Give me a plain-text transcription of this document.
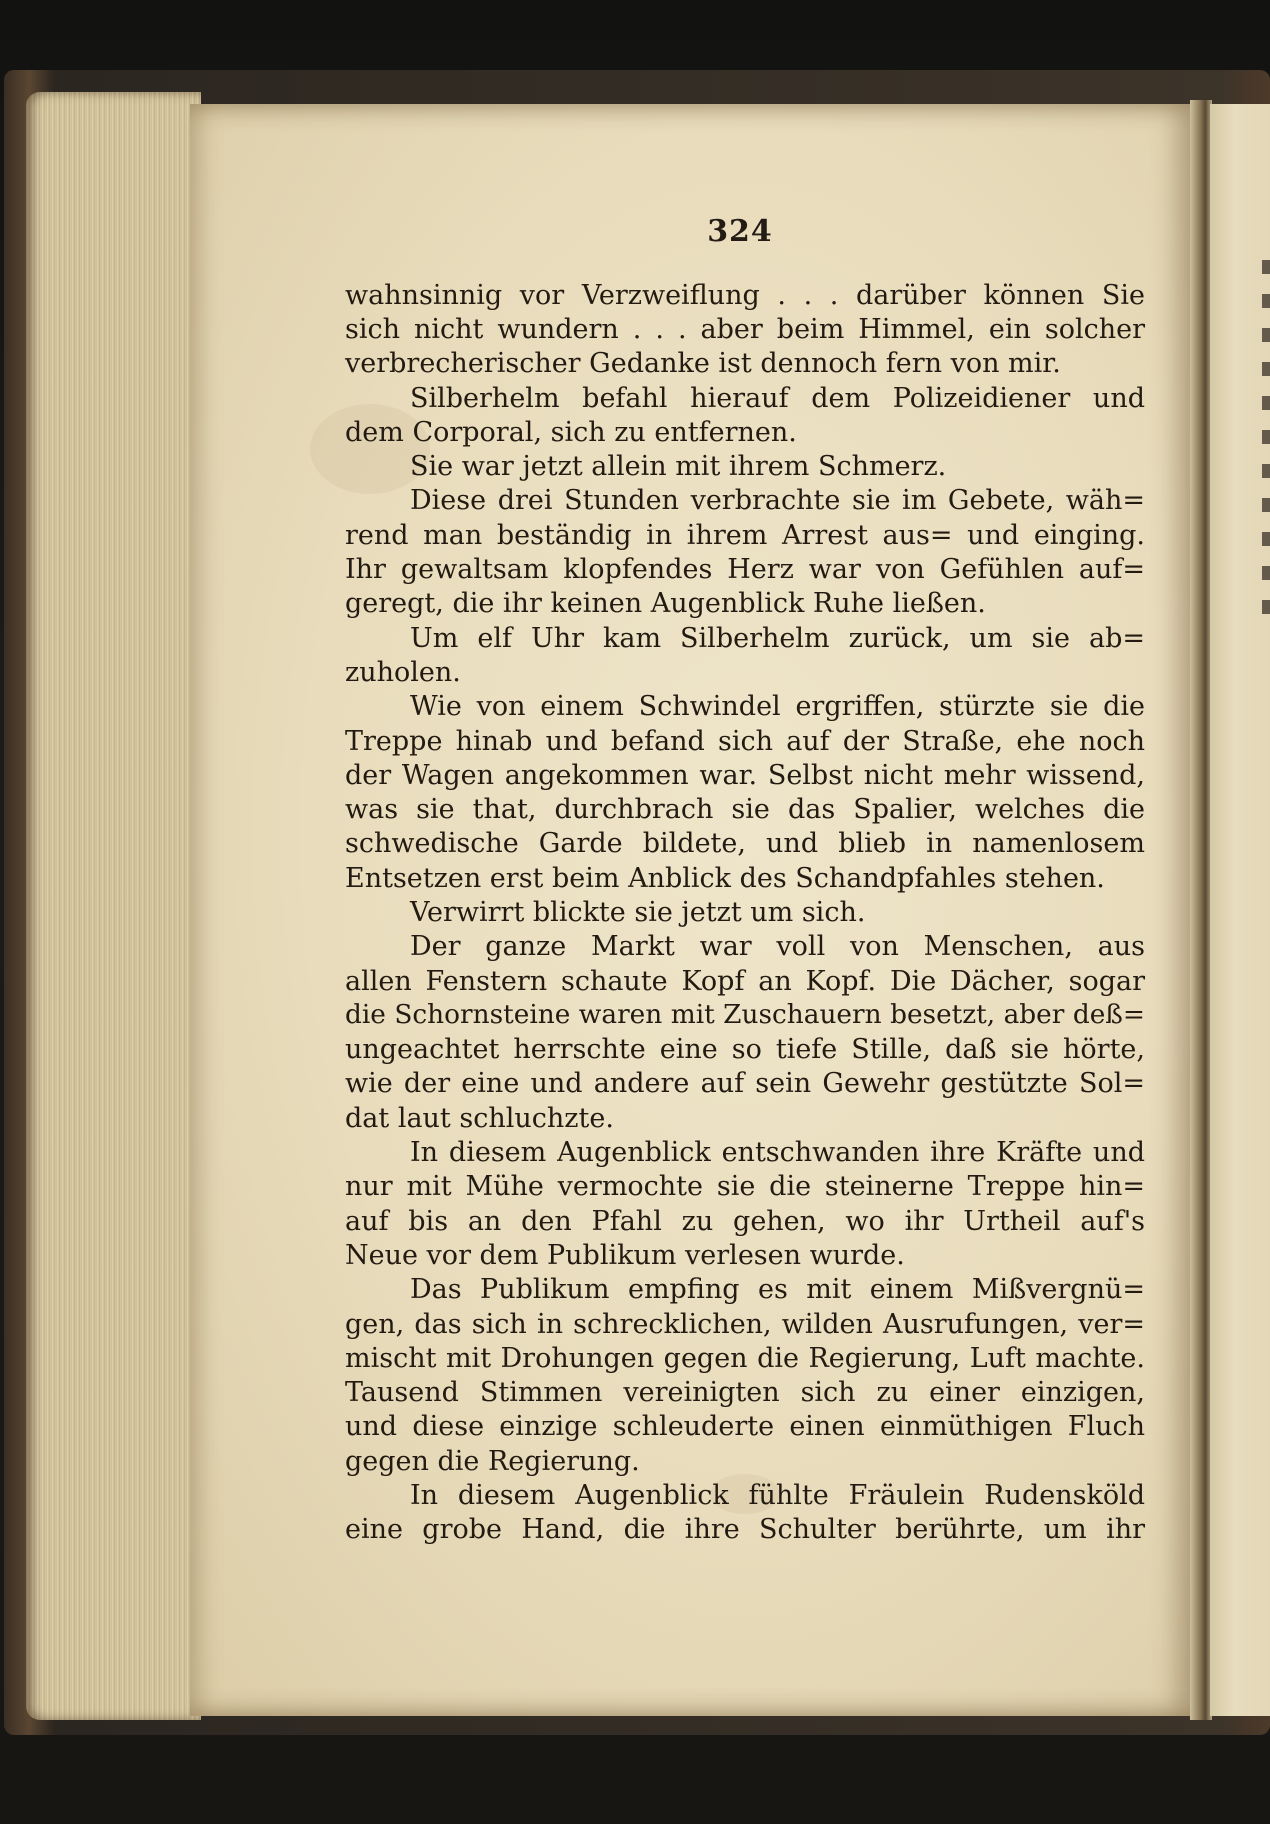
324
wahnsinnig vor Verzweiflung . . . darüber können Sie
sich nicht wundern . . . aber beim Himmel, ein solcher
verbrecherischer Gedanke ist dennoch fern von mir.
Silberhelm befahl hierauf dem Polizeidiener und
dem Corporal, sich zu entfernen.
Sie war jetzt allein mit ihrem Schmerz.
Diese drei Stunden verbrachte sie im Gebete, wäh=
rend man beständig in ihrem Arrest aus= und einging.
Ihr gewaltsam klopfendes Herz war von Gefühlen auf=
geregt, die ihr keinen Augenblick Ruhe ließen.
Um elf Uhr kam Silberhelm zurück, um sie ab=
zuholen.
Wie von einem Schwindel ergriffen, stürzte sie die
Treppe hinab und befand sich auf der Straße, ehe noch
der Wagen angekommen war. Selbst nicht mehr wissend,
was sie that, durchbrach sie das Spalier, welches die
schwedische Garde bildete, und blieb in namenlosem
Entsetzen erst beim Anblick des Schandpfahles stehen.
Verwirrt blickte sie jetzt um sich.
Der ganze Markt war voll von Menschen, aus
allen Fenstern schaute Kopf an Kopf. Die Dächer, sogar
die Schornsteine waren mit Zuschauern besetzt, aber deß=
ungeachtet herrschte eine so tiefe Stille, daß sie hörte,
wie der eine und andere auf sein Gewehr gestützte Sol=
dat laut schluchzte.
In diesem Augenblick entschwanden ihre Kräfte und
nur mit Mühe vermochte sie die steinerne Treppe hin=
auf bis an den Pfahl zu gehen, wo ihr Urtheil auf's
Neue vor dem Publikum verlesen wurde.
Das Publikum empfing es mit einem Mißvergnü=
gen, das sich in schrecklichen, wilden Ausrufungen, ver=
mischt mit Drohungen gegen die Regierung, Luft machte.
Tausend Stimmen vereinigten sich zu einer einzigen,
und diese einzige schleuderte einen einmüthigen Fluch
gegen die Regierung.
In diesem Augenblick fühlte Fräulein Rudensköld
eine grobe Hand, die ihre Schulter berührte, um ihr
